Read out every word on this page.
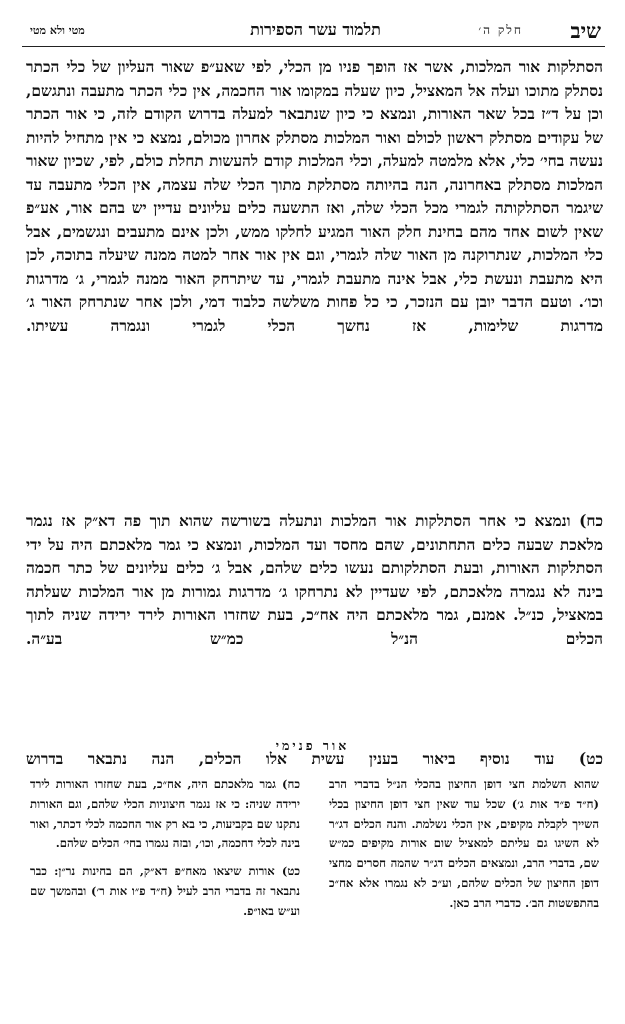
שיב
חלק ה׳
תלמוד עשר הספירות
מטי ולא מטי

הסתלקות אור המלכות, אשר אז הופך פניו מן הכלי, לפי שאע״פ שאור העליון של כלי הכתר נסתלק מתוכו ועלה אל המאציל, כיון שעלה במקומו אור החכמה, אין כלי הכתר מתעבה ונתגשם, וכן על ד״ז בכל שאר האורות, ונמצא כי כיון שנתבאר למעלה בדרוש הקודם לזה, כי אור הכתר של עקודים מסתלק ראשון לכולם ואור המלכות מסתלק אחרון מכולם, נמצא כי אין מתחיל להיות נעשה בחי׳ כלי, אלא מלמטה למעלה, וכלי המלכות קודם להעשות תחלת כולם, לפי, שכיון שאור המלכות מסתלק באחרונה, הנה בהיותה מסתלקת מתוך הכלי שלה עצמה, אין הכלי מתעבה עד שיגמר הסתלקותה לגמרי מכל הכלי שלה, ואז התשעה כלים עליונים עדיין יש בהם אור, אע״פ שאין לשום אחד מהם בחינת חלק האור המגיע לחלקו ממש, ולכן אינם מתעבים ונגשמים, אבל כלי המלכות, שנתרוקנה מן האור שלה לגמרי, וגם אין אור אחר למטה ממנה שיעלה בתוכה, לכן היא מתעבת ונעשת כלי, אבל אינה מתעבת לגמרי, עד שיתרחק האור ממנה לגמרי, ג׳ מדרגות וכו׳. וטעם הדבר יובן עם הנזכר, כי כל פחות משלשה כלבוד דמי, ולכן אחר שנתרחק האור ג׳ מדרגות שלימות, אז נחשך הכלי לגמרי ונגמרה עשיתו.

כח) ונמצא כי אחר הסתלקות אור המלכות ונתעלה בשורשה שהוא תוך פה דא״ק אז נגמר מלאכת שבעה כלים התחתונים, שהם מחסד ועד המלכות, ונמצא כי גמר מלאכתם היה על ידי הסתלקות האורות, ובעת הסתלקותם נעשו כלים שלהם, אבל ג׳ כלים עליונים של כתר חכמה בינה לא נגמרה מלאכתם, לפי שעדיין לא נתרחקו ג׳ מדרגות גמורות מן אור המלכות שעלתה במאציל, כנ״ל. אמנם, גמר מלאכתם היה אח״כ, בעת שחזרו האורות לירד ירידה שניה לתוך הכלים הנ״ל כמ״ש בע״ה.

כט) עוד נוסיף ביאור בענין עשית אלו הכלים, הנה נתבאר בדרוש

אור פנימי

שהוא השלמת חצי דופן החיצון בהכלי הנ״ל בדברי הרב (ח״ד פ״ד אות ג׳) שכל עוד שאין חצי דופן החיצון בכלי השייך לקבלת מקיפים, אין הכלי נשלמת. והנה הכלים דג״ר לא השיגו גם עליתם למאציל שום אורות מקיפים כמ״ש שם, בדברי הרב, ונמצאים הכלים דג״ר שהמה חסרים מחצי דופן החיצון של הכלים שלהם, וע״כ לא נגמרו אלא אח״כ בהתפשטות הב׳. כדברי הרב כאן.

כח) גמר מלאכתם היה, אח״כ, בעת שחזרו האורות לירד ירידה שניה: כי אז נגמר חיצוניות הכלי שלהם, וגם האורות נתקנו שם בקביעות, כי בא רק אור החכמה לכלי דכתר, ואור בינה לכלי דחכמה, וכו׳, ובזה נגמרו בחי׳ הכלים שלהם.

כט) אורות שיצאו מאח״פ דא״ק, הם בחינות נר״ן: כבר נתבאר זה בדברי הרב לעיל (ח״ד פ״ו אות ר׳) ובהמשך שם וע״ש באו״פ.
